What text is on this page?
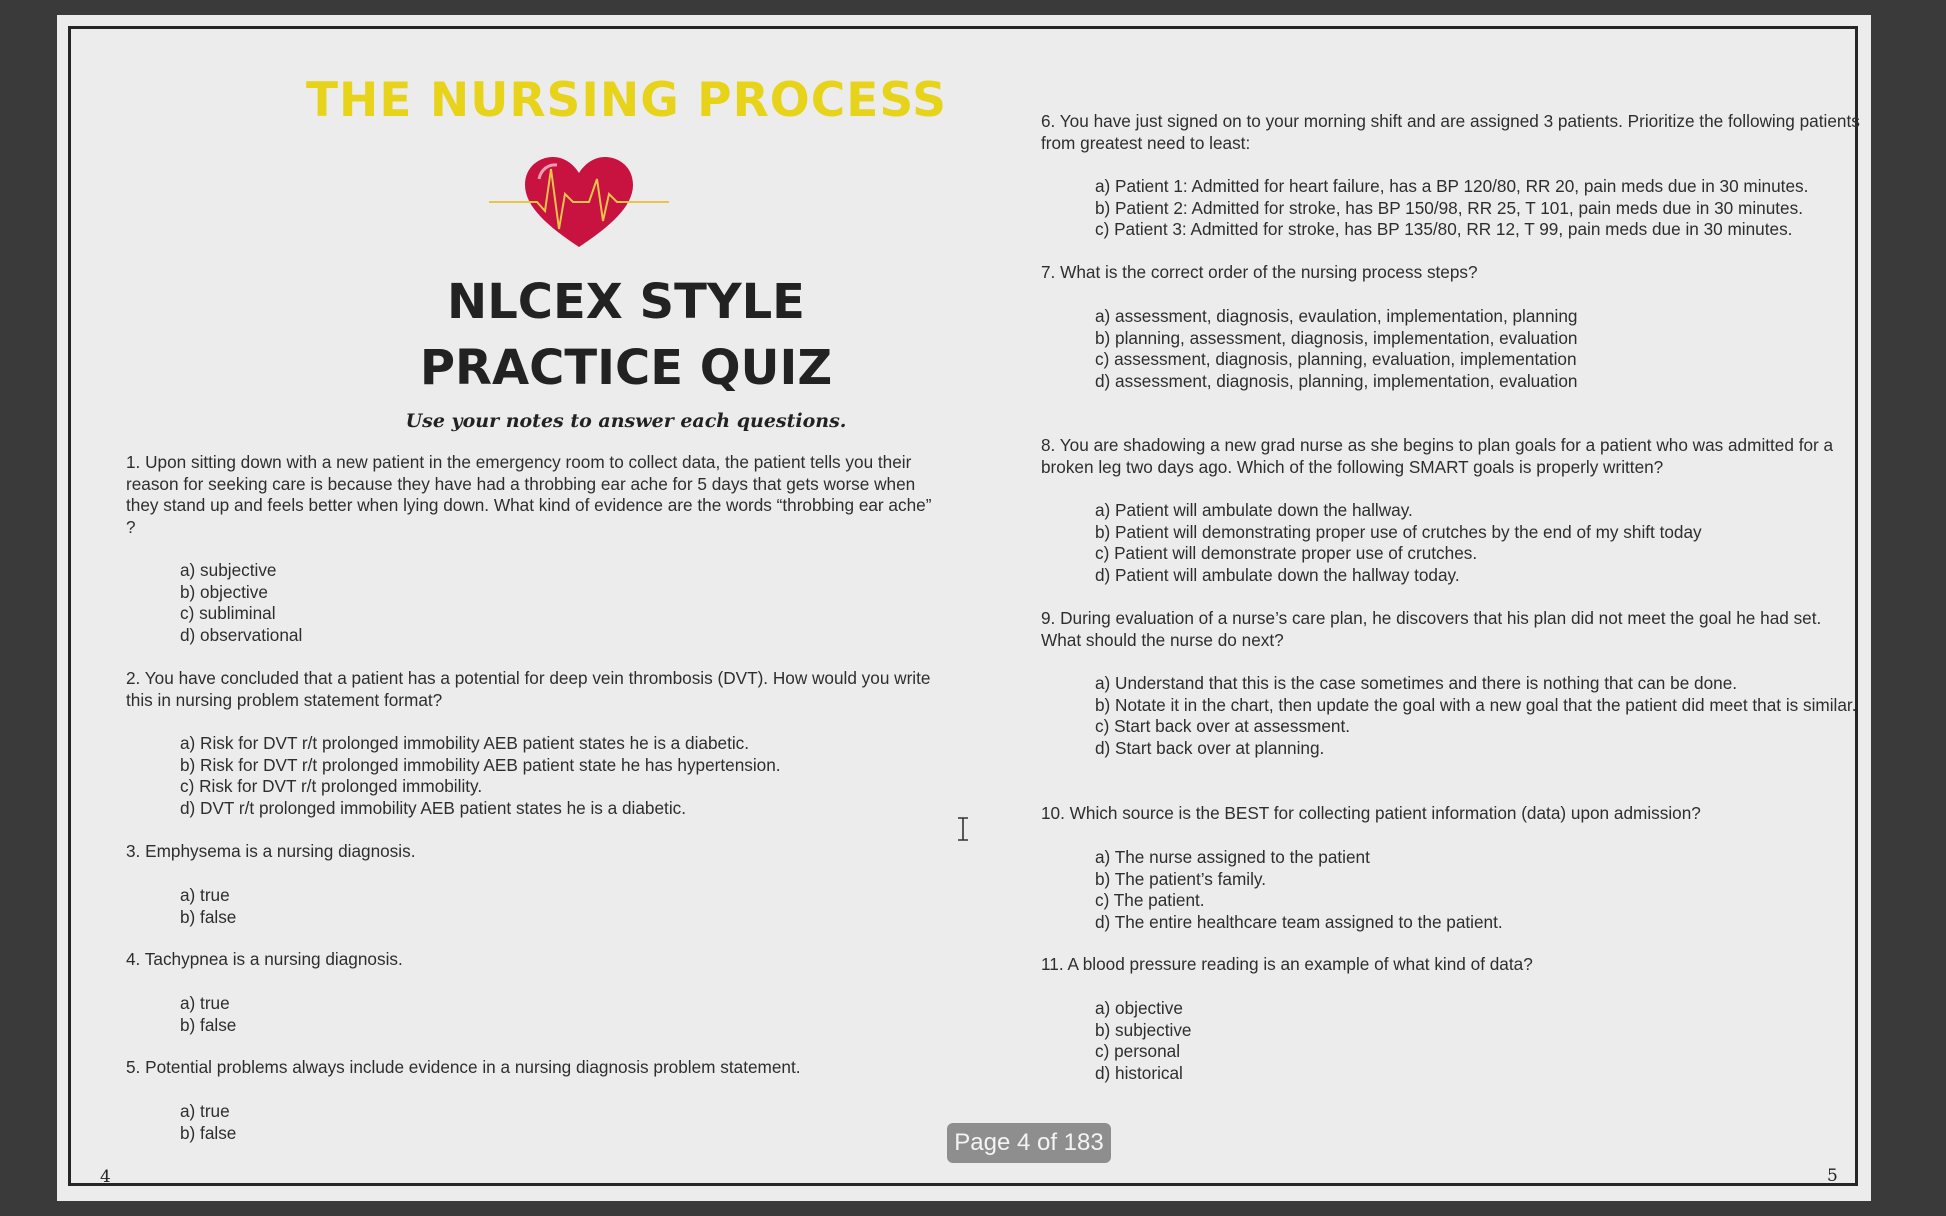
THE NURSING PROCESS
NLCEX STYLE
PRACTICE QUIZ
Use your notes to answer each questions.
1. Upon sitting down with a new patient in the emergency room to collect data, the patient tells you their reason for seeking care is because they have had a throbbing ear ache for 5 days that gets worse when they stand up and feels better when lying down. What kind of evidence are the words “throbbing ear ache” ?
a) subjective
b) objective
c) subliminal
d) observational
2. You have concluded that a patient has a potential for deep vein thrombosis (DVT). How would you write this in nursing problem statement format?
a) Risk for DVT r/t prolonged immobility AEB patient states he is a diabetic.
b) Risk for DVT r/t prolonged immobility AEB patient state he has hypertension.
c) Risk for DVT r/t prolonged immobility.
d) DVT r/t prolonged immobility AEB patient states he is a diabetic.
3. Emphysema is a nursing diagnosis.
a) true
b) false
4. Tachypnea is a nursing diagnosis.
a) true
b) false
5. Potential problems always include evidence in a nursing diagnosis problem statement.
a) true
b) false
6. You have just signed on to your morning shift and are assigned 3 patients. Prioritize the following patients from greatest need to least:
a) Patient 1: Admitted for heart failure, has a BP 120/80, RR 20, pain meds due in 30 minutes.
b) Patient 2: Admitted for stroke, has BP 150/98, RR 25, T 101, pain meds due in 30 minutes.
c) Patient 3: Admitted for stroke, has BP 135/80, RR 12, T 99, pain meds due in 30 minutes.
7. What is the correct order of the nursing process steps?
a) assessment, diagnosis, evaulation, implementation, planning
b) planning, assessment, diagnosis, implementation, evaluation
c) assessment, diagnosis, planning, evaluation, implementation
d) assessment, diagnosis, planning, implementation, evaluation
8. You are shadowing a new grad nurse as she begins to plan goals for a patient who was admitted for a broken leg two days ago. Which of the following SMART goals is properly written?
a) Patient will ambulate down the hallway.
b) Patient will demonstrating proper use of crutches by the end of my shift today
c) Patient will demonstrate proper use of crutches.
d) Patient will ambulate down the hallway today.
9. During evaluation of a nurse’s care plan, he discovers that his plan did not meet the goal he had set. What should the nurse do next?
a) Understand that this is the case sometimes and there is nothing that can be done.
b) Notate it in the chart, then update the goal with a new goal that the patient did meet that is similar.
c) Start back over at assessment.
d) Start back over at planning.
10. Which source is the BEST for collecting patient information (data) upon admission?
a) The nurse assigned to the patient
b) The patient’s family.
c) The patient.
d) The entire healthcare team assigned to the patient.
11. A blood pressure reading is an example of what kind of data?
a) objective
b) subjective
c) personal
d) historical
4	5
Page 4 of 183
